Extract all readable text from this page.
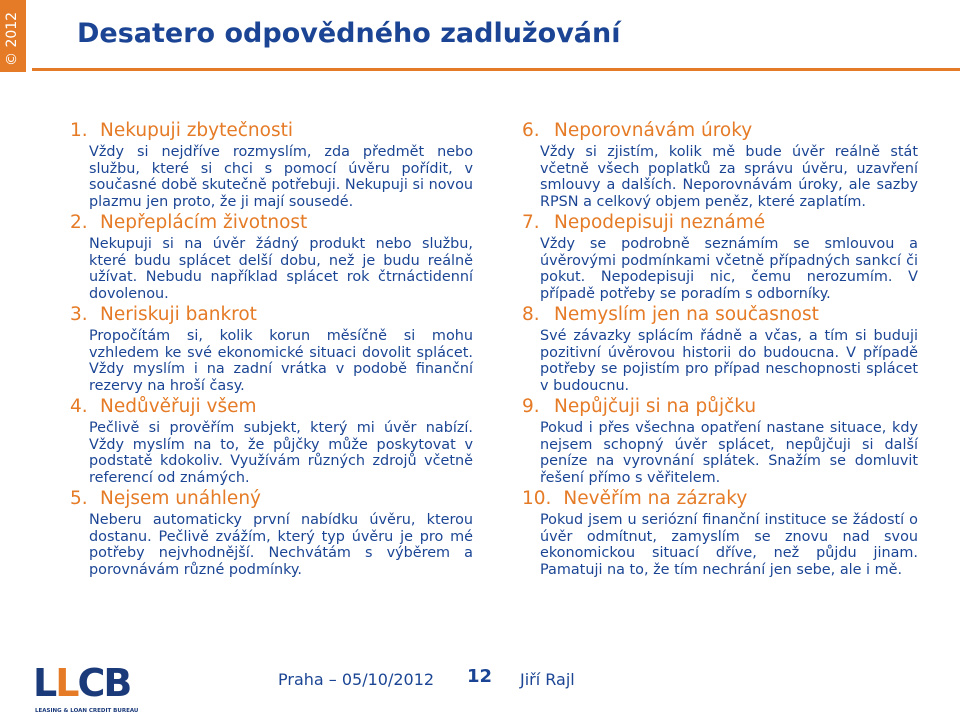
© 2012 Desatero odpovědného zadlužování

1. Nekupuji zbytečnosti

Vždy si nejdříve rozmyslím, zda předmět nebo službu, které si chci s pomocí úvěru pořídit, v současné době skutečně potřebuji. Nekupuji si novou plazmu jen proto, že ji mají sousedé.

2. Nepřeplácím životnost

Nekupuji si na úvěr žádný produkt nebo službu, které budu splácet delší dobu, než je budu reálně užívat. Nebudu například splácet rok čtrnáctidenní dovolenou.

3. Neriskuji bankrot

Propočítám si, kolik korun měsíčně si mohu vzhledem ke své ekonomické situaci dovolit splácet. Vždy myslím i na zadní vrátka v podobě finanční rezervy na hroší časy.

4. Nedůvěřuji všem

Pečlivě si prověřím subjekt, který mi úvěr nabízí. Vždy myslím na to, že půjčky může poskytovat v podstatě kdokoliv. Využívám různých zdrojů včetně referencí od známých.

5. Nejsem unáhlený

Neberu automaticky první nabídku úvěru, kterou dostanu. Pečlivě zvážím, který typ úvěru je pro mé potřeby nejvhodnější. Nechvátám s výběrem a porovnávám různé podmínky.

6. Neporovnávám úroky

Vždy si zjistím, kolik mě bude úvěr reálně stát včetně všech poplatků za správu úvěru, uzavření smlouvy a dalších. Neporovnávám úroky, ale sazby RPSN a celkový objem peněz, které zaplatím.

7. Nepodepisuji neznámé

Vždy se podrobně seznámím se smlouvou a úvěrovými podmínkami včetně případných sankcí či pokut. Nepodepisuji nic, čemu nerozumím. V případě potřeby se poradím s odborníky.

8. Nemyslím jen na současnost

Své závazky splácím řádně a včas, a tím si buduji pozitivní úvěrovou historii do budoucna. V případě potřeby se pojistím pro případ neschopnosti splácet v budoucnu.

9. Nepůjčuji si na půjčku

Pokud i přes všechna opatření nastane situace, kdy nejsem schopný úvěr splácet, nepůjčuji si další peníze na vyrovnání splátek. Snažím se domluvit řešení přímo s věřitelem.

10. Nevěřím na zázraky

Pokud jsem u seriózní finanční instituce se žádostí o úvěr odmítnut, zamyslím se znovu nad svou ekonomickou situací dříve, než půjdu jinam. Pamatuji na to, že tím nechrání jen sebe, ale i mě.

LLCB
LEASING & LOAN CREDIT BUREAU
Praha – 05/10/2012 12 Jiří Rajl
